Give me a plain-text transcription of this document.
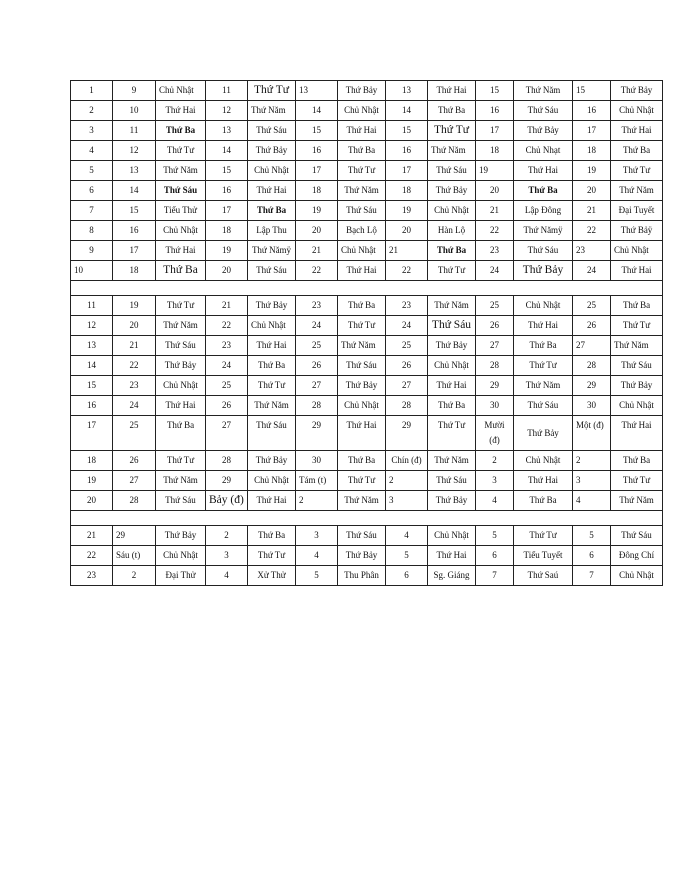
1	9	Chủ Nhật	11	Thứ Tư	13	Thứ Bảy	13	Thứ Hai	15	Thứ Năm	15	Thứ Bảy
2	10	Thứ Hai	12	Thứ Năm	14	Chủ Nhật	14	Thứ Ba	16	Thứ Sáu	16	Chủ Nhật
3	11	Thứ Ba	13	Thứ Sáu	15	Thứ Hai	15	Thứ Tư	17	Thứ Bảy	17	Thứ Hai
4	12	Thứ Tư	14	Thứ Bảy	16	Thứ Ba	16	Thứ Năm	18	Chủ Nhạt	18	Thứ Ba
5	13	Thứ Năm	15	Chủ Nhật	17	Thứ Tư	17	Thứ Sáu	19	Thứ Hai	19	Thứ Tư
6	14	Thứ Sáu	16	Thứ Hai	18	Thứ Năm	18	Thứ Bảy	20	Thứ Ba	20	Thứ Năm
7	15	Tiểu Thử	17	Thứ Ba	19	Thứ Sáu	19	Chủ Nhật	21	Lập Đông	21	Đại Tuyết
8	16	Chủ Nhật	18	Lập Thu	20	Bạch Lộ	20	Hàn Lộ	22	Thứ Nămÿ	22	Thứ Bảÿ
9	17	Thứ Hai	19	Thứ Nămÿ	21	Chủ Nhật	21	Thứ Ba	23	Thứ Sáu	23	Chủ Nhật
10	18	Thứ Ba	20	Thứ Sáu	22	Thứ Hai	22	Thứ Tư	24	Thứ Bảy	24	Thứ Hai

11	19	Thứ Tư	21	Thứ Bảy	23	Thứ Ba	23	Thứ Năm	25	Chủ Nhật	25	Thứ Ba
12	20	Thứ Năm	22	Chủ Nhật	24	Thứ Tư	24	Thứ Sáu	26	Thứ Hai	26	Thứ Tư
13	21	Thứ Sáu	23	Thứ Hai	25	Thứ Năm	25	Thứ Bảy	27	Thứ Ba	27	Thứ Năm
14	22	Thứ Bảy	24	Thứ Ba	26	Thứ Sáu	26	Chủ Nhật	28	Thứ Tư	28	Thứ Sáu
15	23	Chủ Nhật	25	Thứ Tư	27	Thứ Bảy	27	Thứ Hai	29	Thứ Năm	29	Thứ Bảy
16	24	Thứ Hai	26	Thứ Năm	28	Chủ Nhật	28	Thứ Ba	30	Thứ Sáu	30	Chủ Nhật
17	25	Thứ Ba	27	Thứ Sáu	29	Thứ Hai	29	Thứ Tư	Mười (đ)	Thứ Bảy	Một (đ)	Thứ Hai
18	26	Thứ Tư	28	Thứ Bảy	30	Thứ Ba	Chín (đ)	Thứ Năm	2	Chủ Nhật	2	Thứ Ba
19	27	Thứ Năm	29	Chủ Nhật	Tám (t)	Thứ Tư	2	Thứ Sáu	3	Thứ Hai	3	Thứ Tư
20	28	Thứ Sáu	Bảy (đ)	Thứ Hai	2	Thứ Năm	3	Thứ Bảy	4	Thứ Ba	4	Thứ Năm

21	29	Thứ Bảy	2	Thứ Ba	3	Thứ Sáu	4	Chủ Nhật	5	Thứ Tư	5	Thứ Sáu
22	Sáu (t)	Chủ Nhật	3	Thứ Tư	4	Thứ Bảy	5	Thứ Hai	6	Tiểu Tuyết	6	Đông Chí
23	2	Đại Thử	4	Xử Thử	5	Thu Phân	6	Sg. Giáng	7	Thứ Saú	7	Chủ Nhật
